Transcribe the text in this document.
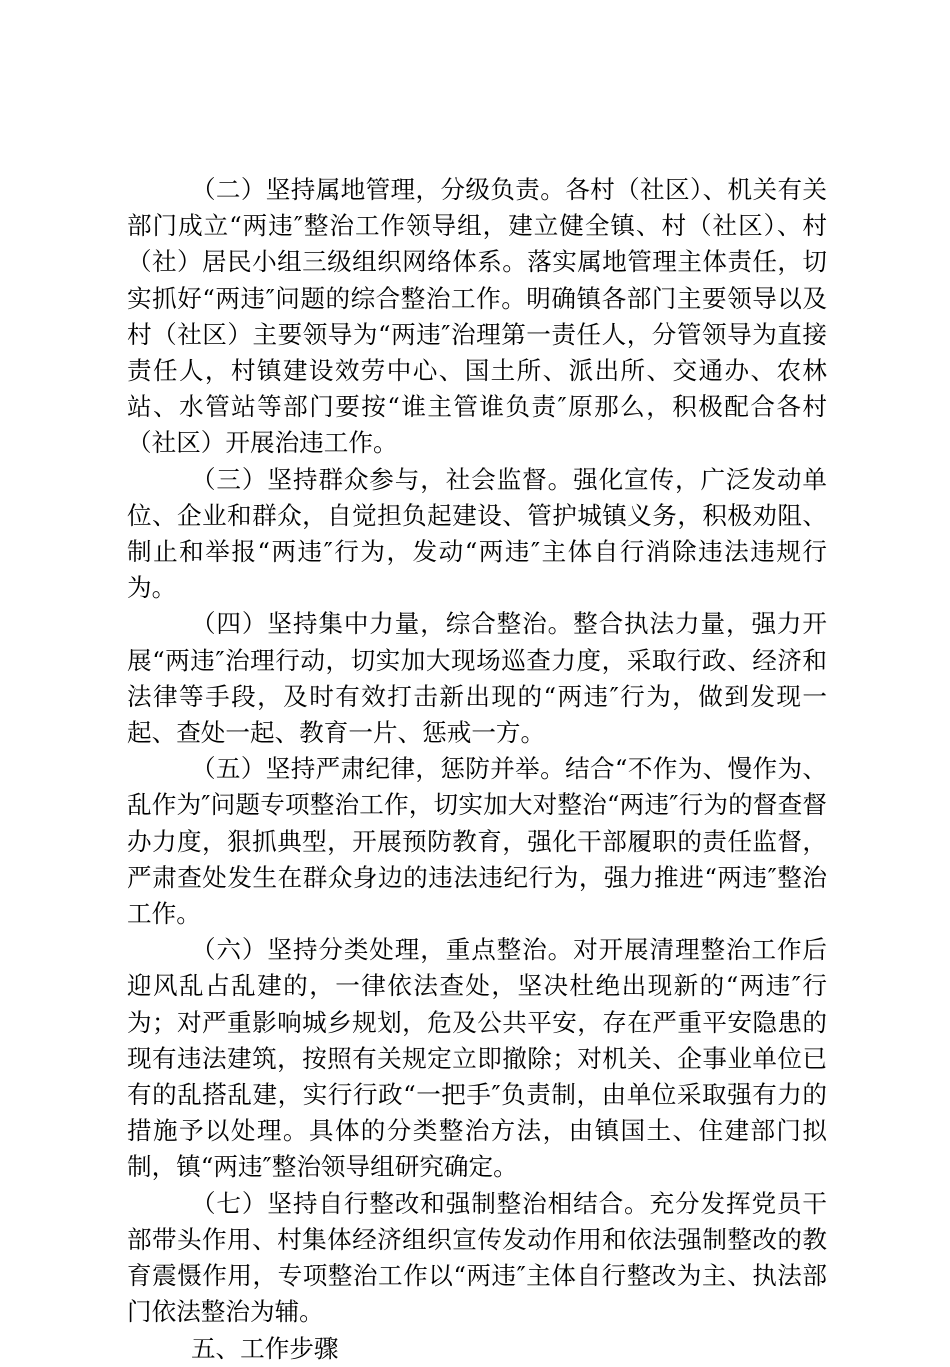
（二）坚持属地管理，分级负责。各村（社区）、机关有关部门成立“两违″整治工作领导组，建立健全镇、村（社区）、村（社）居民小组三级组织网络体系。落实属地管理主体责任，切实抓好“两违″问题的综合整治工作。明确镇各部门主要领导以及村（社区）主要领导为“两违″治理第一责任人，分管领导为直接责任人，村镇建设效劳中心、国土所、派出所、交通办、农林站、水管站等部门要按“谁主管谁负责″原那么，积极配合各村（社区）开展治违工作。

（三）坚持群众参与，社会监督。强化宣传，广泛发动单位、企业和群众，自觉担负起建设、管护城镇义务，积极劝阻、制止和举报“两违″行为，发动“两违″主体自行消除违法违规行为。

（四）坚持集中力量，综合整治。整合执法力量，强力开展“两违″治理行动，切实加大现场巡查力度，采取行政、经济和法律等手段，及时有效打击新出现的“两违″行为，做到发现一起、查处一起、教育一片、惩戒一方。

（五）坚持严肃纪律，惩防并举。结合“不作为、慢作为、乱作为″问题专项整治工作，切实加大对整治“两违″行为的督查督办力度，狠抓典型，开展预防教育，强化干部履职的责任监督，严肃查处发生在群众身边的违法违纪行为，强力推进“两违″整治工作。

（六）坚持分类处理，重点整治。对开展清理整治工作后迎风乱占乱建的，一律依法查处，坚决杜绝出现新的“两违″行为；对严重影响城乡规划，危及公共平安，存在严重平安隐患的现有违法建筑，按照有关规定立即撤除；对机关、企事业单位已有的乱搭乱建，实行行政“一把手″负责制，由单位采取强有力的措施予以处理。具体的分类整治方法，由镇国土、住建部门拟制，镇“两违″整治领导组研究确定。

（七）坚持自行整改和强制整治相结合。充分发挥党员干部带头作用、村集体经济组织宣传发动作用和依法强制整改的教育震慑作用，专项整治工作以“两违″主体自行整改为主、执法部门依法整治为辅。

五、工作步骤
